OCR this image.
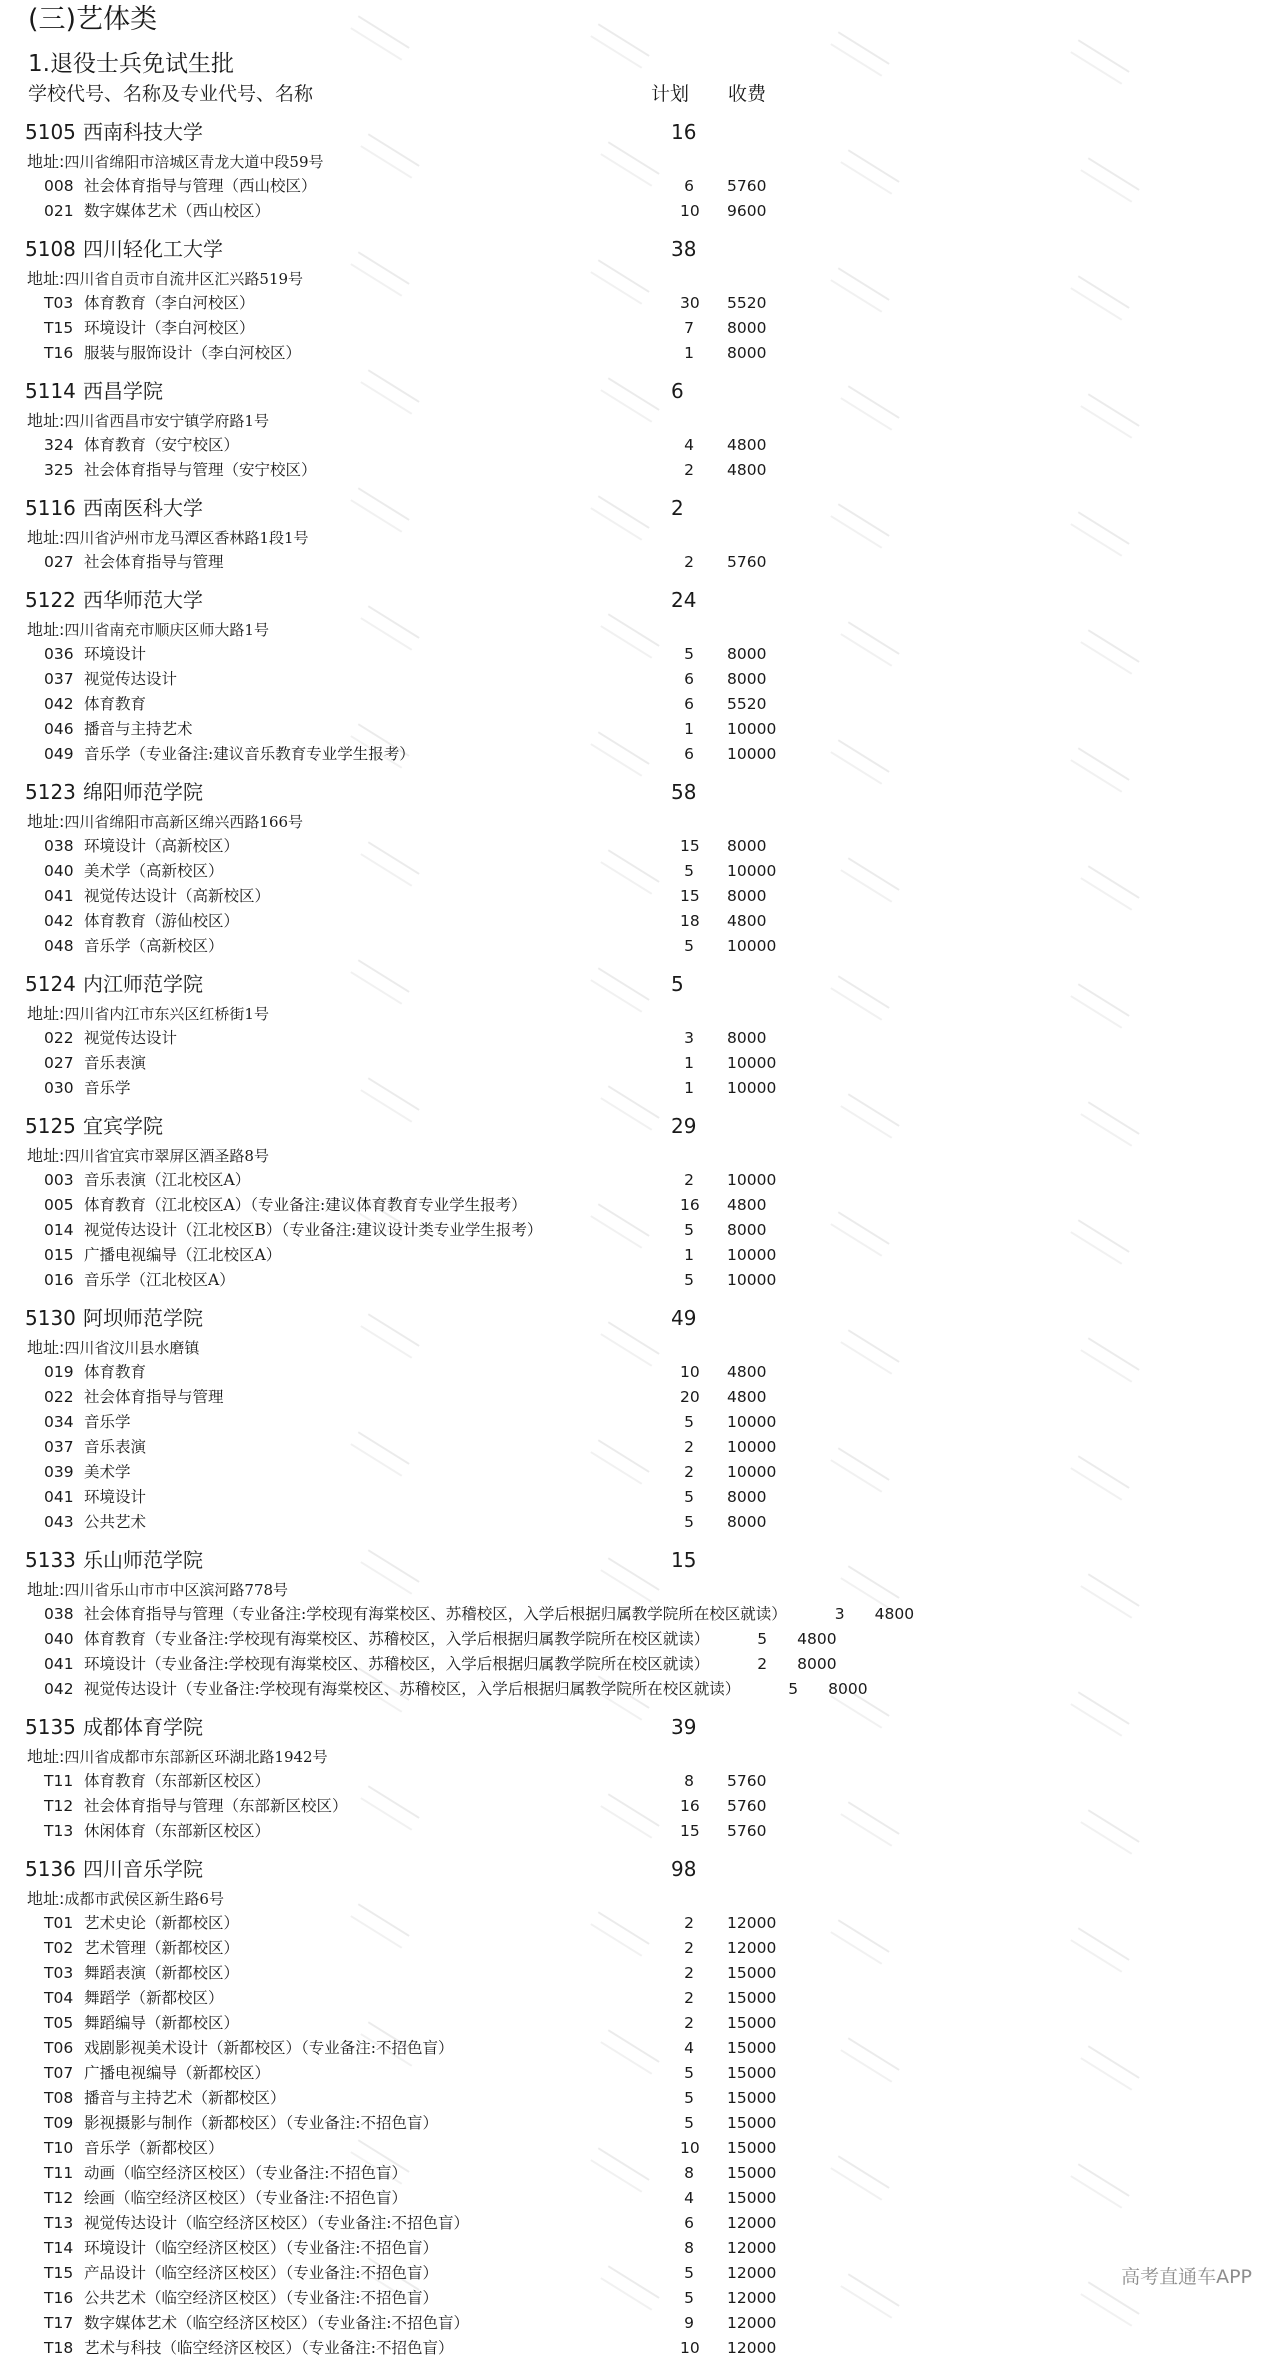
(三)艺体类
1.退役士兵免试生批
学校代号、名称及专业代号、名称	计划 收费
5105 西南科技大学	16
地址:四川省绵阳市涪城区青龙大道中段59号
008 社会体育指导与管理（西山校区）	6 5760
021 数字媒体艺术（西山校区）	10 9600
5108 四川轻化工大学	38
地址:四川省自贡市自流井区汇兴路519号
T03 体育教育（李白河校区）	30 5520
T15 环境设计（李白河校区）	7 8000
T16 服装与服饰设计（李白河校区）	1 8000
5114 西昌学院	6
地址:四川省西昌市安宁镇学府路1号
324 体育教育（安宁校区）	4 4800
325 社会体育指导与管理（安宁校区）	2 4800
5116 西南医科大学	2
地址:四川省泸州市龙马潭区香林路1段1号
027 社会体育指导与管理	2 5760
5122 西华师范大学	24
地址:四川省南充市顺庆区师大路1号
036 环境设计	5 8000
037 视觉传达设计	6 8000
042 体育教育	6 5520
046 播音与主持艺术	1 10000
049 音乐学（专业备注:建议音乐教育专业学生报考）	6 10000
5123 绵阳师范学院	58
地址:四川省绵阳市高新区绵兴西路166号
038 环境设计（高新校区）	15 8000
040 美术学（高新校区）	5 10000
041 视觉传达设计（高新校区）	15 8000
042 体育教育（游仙校区）	18 4800
048 音乐学（高新校区）	5 10000
5124 内江师范学院	5
地址:四川省内江市东兴区红桥街1号
022 视觉传达设计	3 8000
027 音乐表演	1 10000
030 音乐学	1 10000
5125 宜宾学院	29
地址:四川省宜宾市翠屏区酒圣路8号
003 音乐表演（江北校区A）	2 10000
005 体育教育（江北校区A）（专业备注:建议体育教育专业学生报考）	16 4800
014 视觉传达设计（江北校区B）（专业备注:建议设计类专业学生报考）	5 8000
015 广播电视编导（江北校区A）	1 10000
016 音乐学（江北校区A）	5 10000
5130 阿坝师范学院	49
地址:四川省汶川县水磨镇
019 体育教育	10 4800
022 社会体育指导与管理	20 4800
034 音乐学	5 10000
037 音乐表演	2 10000
039 美术学	2 10000
041 环境设计	5 8000
043 公共艺术	5 8000
5133 乐山师范学院	15
地址:四川省乐山市市中区滨河路778号
038 社会体育指导与管理（专业备注:学校现有海棠校区、苏稽校区，入学后根据归属教学院所在校区就读）	3 4800
040 体育教育（专业备注:学校现有海棠校区、苏稽校区，入学后根据归属教学院所在校区就读）	5 4800
041 环境设计（专业备注:学校现有海棠校区、苏稽校区，入学后根据归属教学院所在校区就读）	2 8000
042 视觉传达设计（专业备注:学校现有海棠校区、苏稽校区，入学后根据归属教学院所在校区就读）	5 8000
5135 成都体育学院	39
地址:四川省成都市东部新区环湖北路1942号
T11 体育教育（东部新区校区）	8 5760
T12 社会体育指导与管理（东部新区校区）	16 5760
T13 休闲体育（东部新区校区）	15 5760
5136 四川音乐学院	98
地址:成都市武侯区新生路6号
T01 艺术史论（新都校区）	2 12000
T02 艺术管理（新都校区）	2 12000
T03 舞蹈表演（新都校区）	2 15000
T04 舞蹈学（新都校区）	2 15000
T05 舞蹈编导（新都校区）	2 15000
T06 戏剧影视美术设计（新都校区）（专业备注:不招色盲）	4 15000
T07 广播电视编导（新都校区）	5 15000
T08 播音与主持艺术（新都校区）	5 15000
T09 影视摄影与制作（新都校区）（专业备注:不招色盲）	5 15000
T10 音乐学（新都校区）	10 15000
T11 动画（临空经济区校区）（专业备注:不招色盲）	8 15000
T12 绘画（临空经济区校区）（专业备注:不招色盲）	4 15000
T13 视觉传达设计（临空经济区校区）（专业备注:不招色盲）	6 12000
T14 环境设计（临空经济区校区）（专业备注:不招色盲）	8 12000
T15 产品设计（临空经济区校区）（专业备注:不招色盲）	5 12000
T16 公共艺术（临空经济区校区）（专业备注:不招色盲）	5 12000
T17 数字媒体艺术（临空经济区校区）（专业备注:不招色盲）	9 12000
T18 艺术与科技（临空经济区校区）（专业备注:不招色盲）	10 12000
高考直通车APP
